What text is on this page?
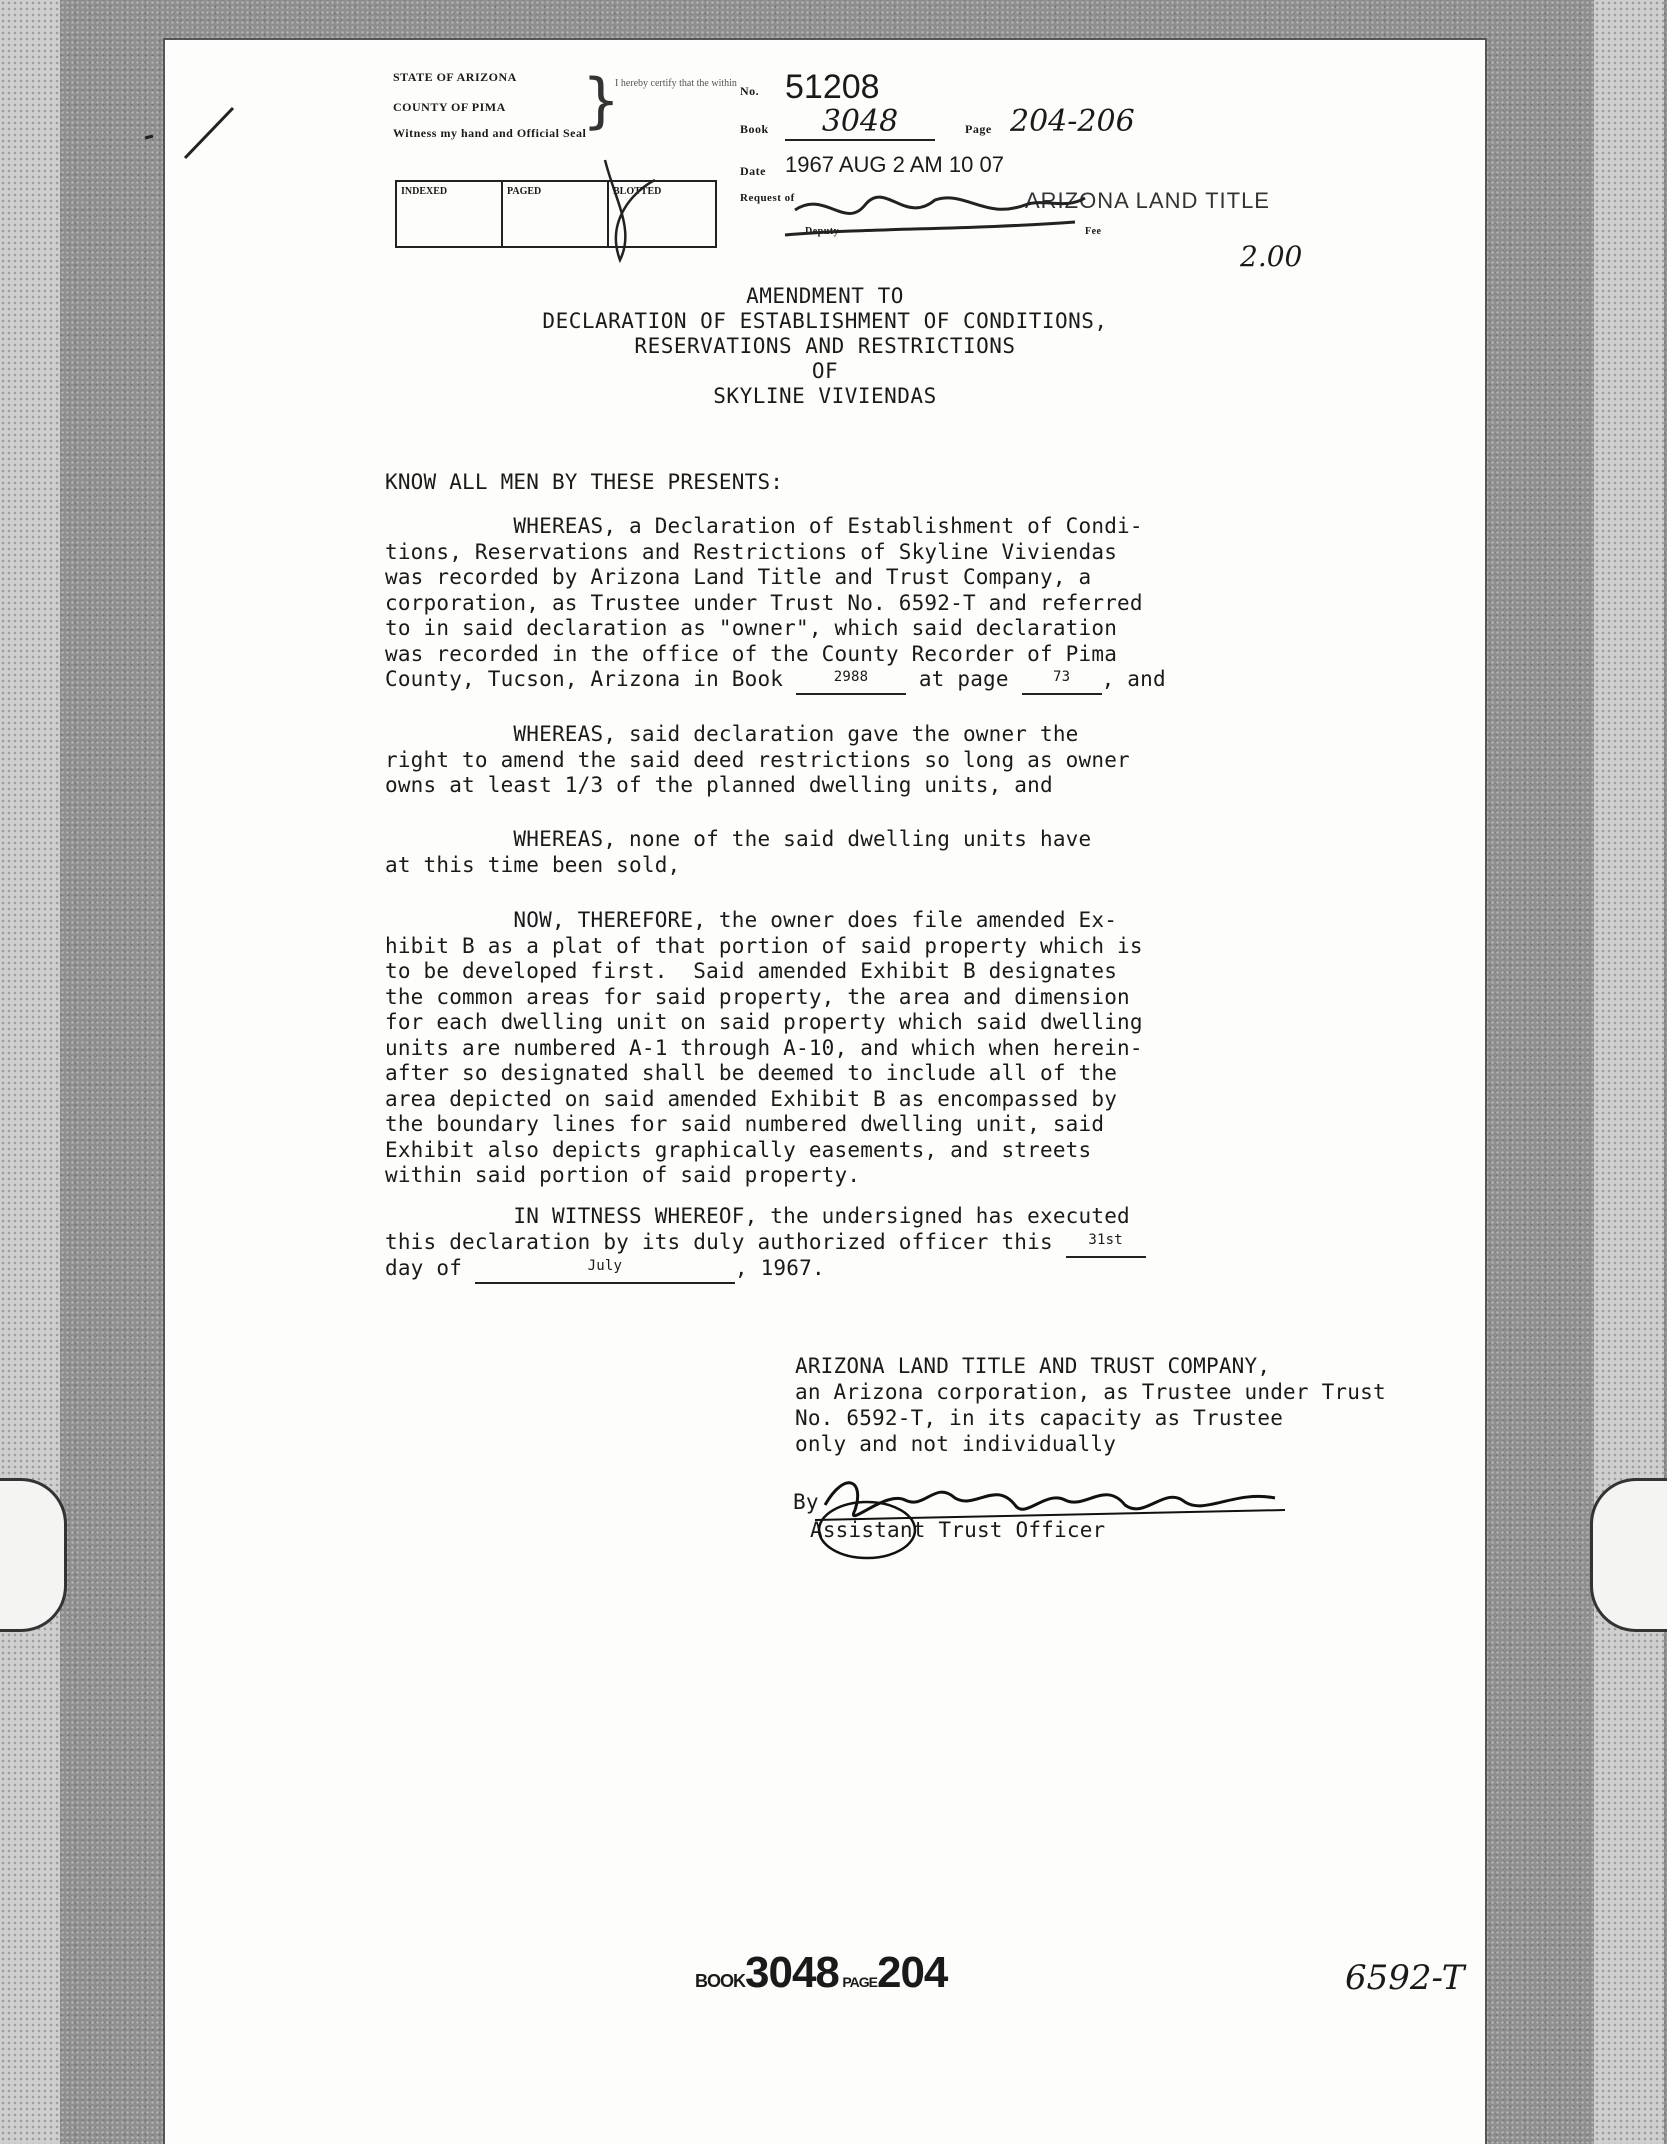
STATE OF ARIZONA
COUNTY OF PIMA
Witness my hand and Official Seal
}
I hereby certify that the within
No. 51208
Book	3048	Page 204-206
Date 1967 AUG 2 AM 10 07
Request of	ARIZONA LAND TITLE
Deputy	Fee
2.00
INDEXED	PAGED	BLOTTED
AMENDMENT TO
DECLARATION OF ESTABLISHMENT OF CONDITIONS,
RESERVATIONS AND RESTRICTIONS
OF
SKYLINE VIVIENDAS
KNOW ALL MEN BY THESE PRESENTS:
WHEREAS, a Declaration of Establishment of Condi-
tions, Reservations and Restrictions of Skyline Viviendas
was recorded by Arizona Land Title and Trust Company, a
corporation, as Trustee under Trust No. 6592-T and referred
to in said declaration as "owner", which said declaration
was recorded in the office of the County Recorder of Pima
County, Tucson, Arizona in Book	2988	at page	73	, and
WHEREAS, said declaration gave the owner the
right to amend the said deed restrictions so long as owner
owns at least 1/3 of the planned dwelling units, and
WHEREAS, none of the said dwelling units have
at this time been sold,
NOW, THEREFORE, the owner does file amended Ex-
hibit B as a plat of that portion of said property which is
to be developed first.  Said amended Exhibit B designates
the common areas for said property, the area and dimension
for each dwelling unit on said property which said dwelling
units are numbered A-1 through A-10, and which when herein-
after so designated shall be deemed to include all of the
area depicted on said amended Exhibit B as encompassed by
the boundary lines for said numbered dwelling unit, said
Exhibit also depicts graphically easements, and streets
within said portion of said property.
IN WITNESS WHEREOF, the undersigned has executed
this declaration by its duly authorized officer this	31st

day of	July	, 1967.
ARIZONA LAND TITLE AND TRUST COMPANY,
an Arizona corporation, as Trustee under Trust
No. 6592-T, in its capacity as Trustee
only and not individually
By
Assistant Trust Officer
BOOK3048 PAGE204	6592-T
